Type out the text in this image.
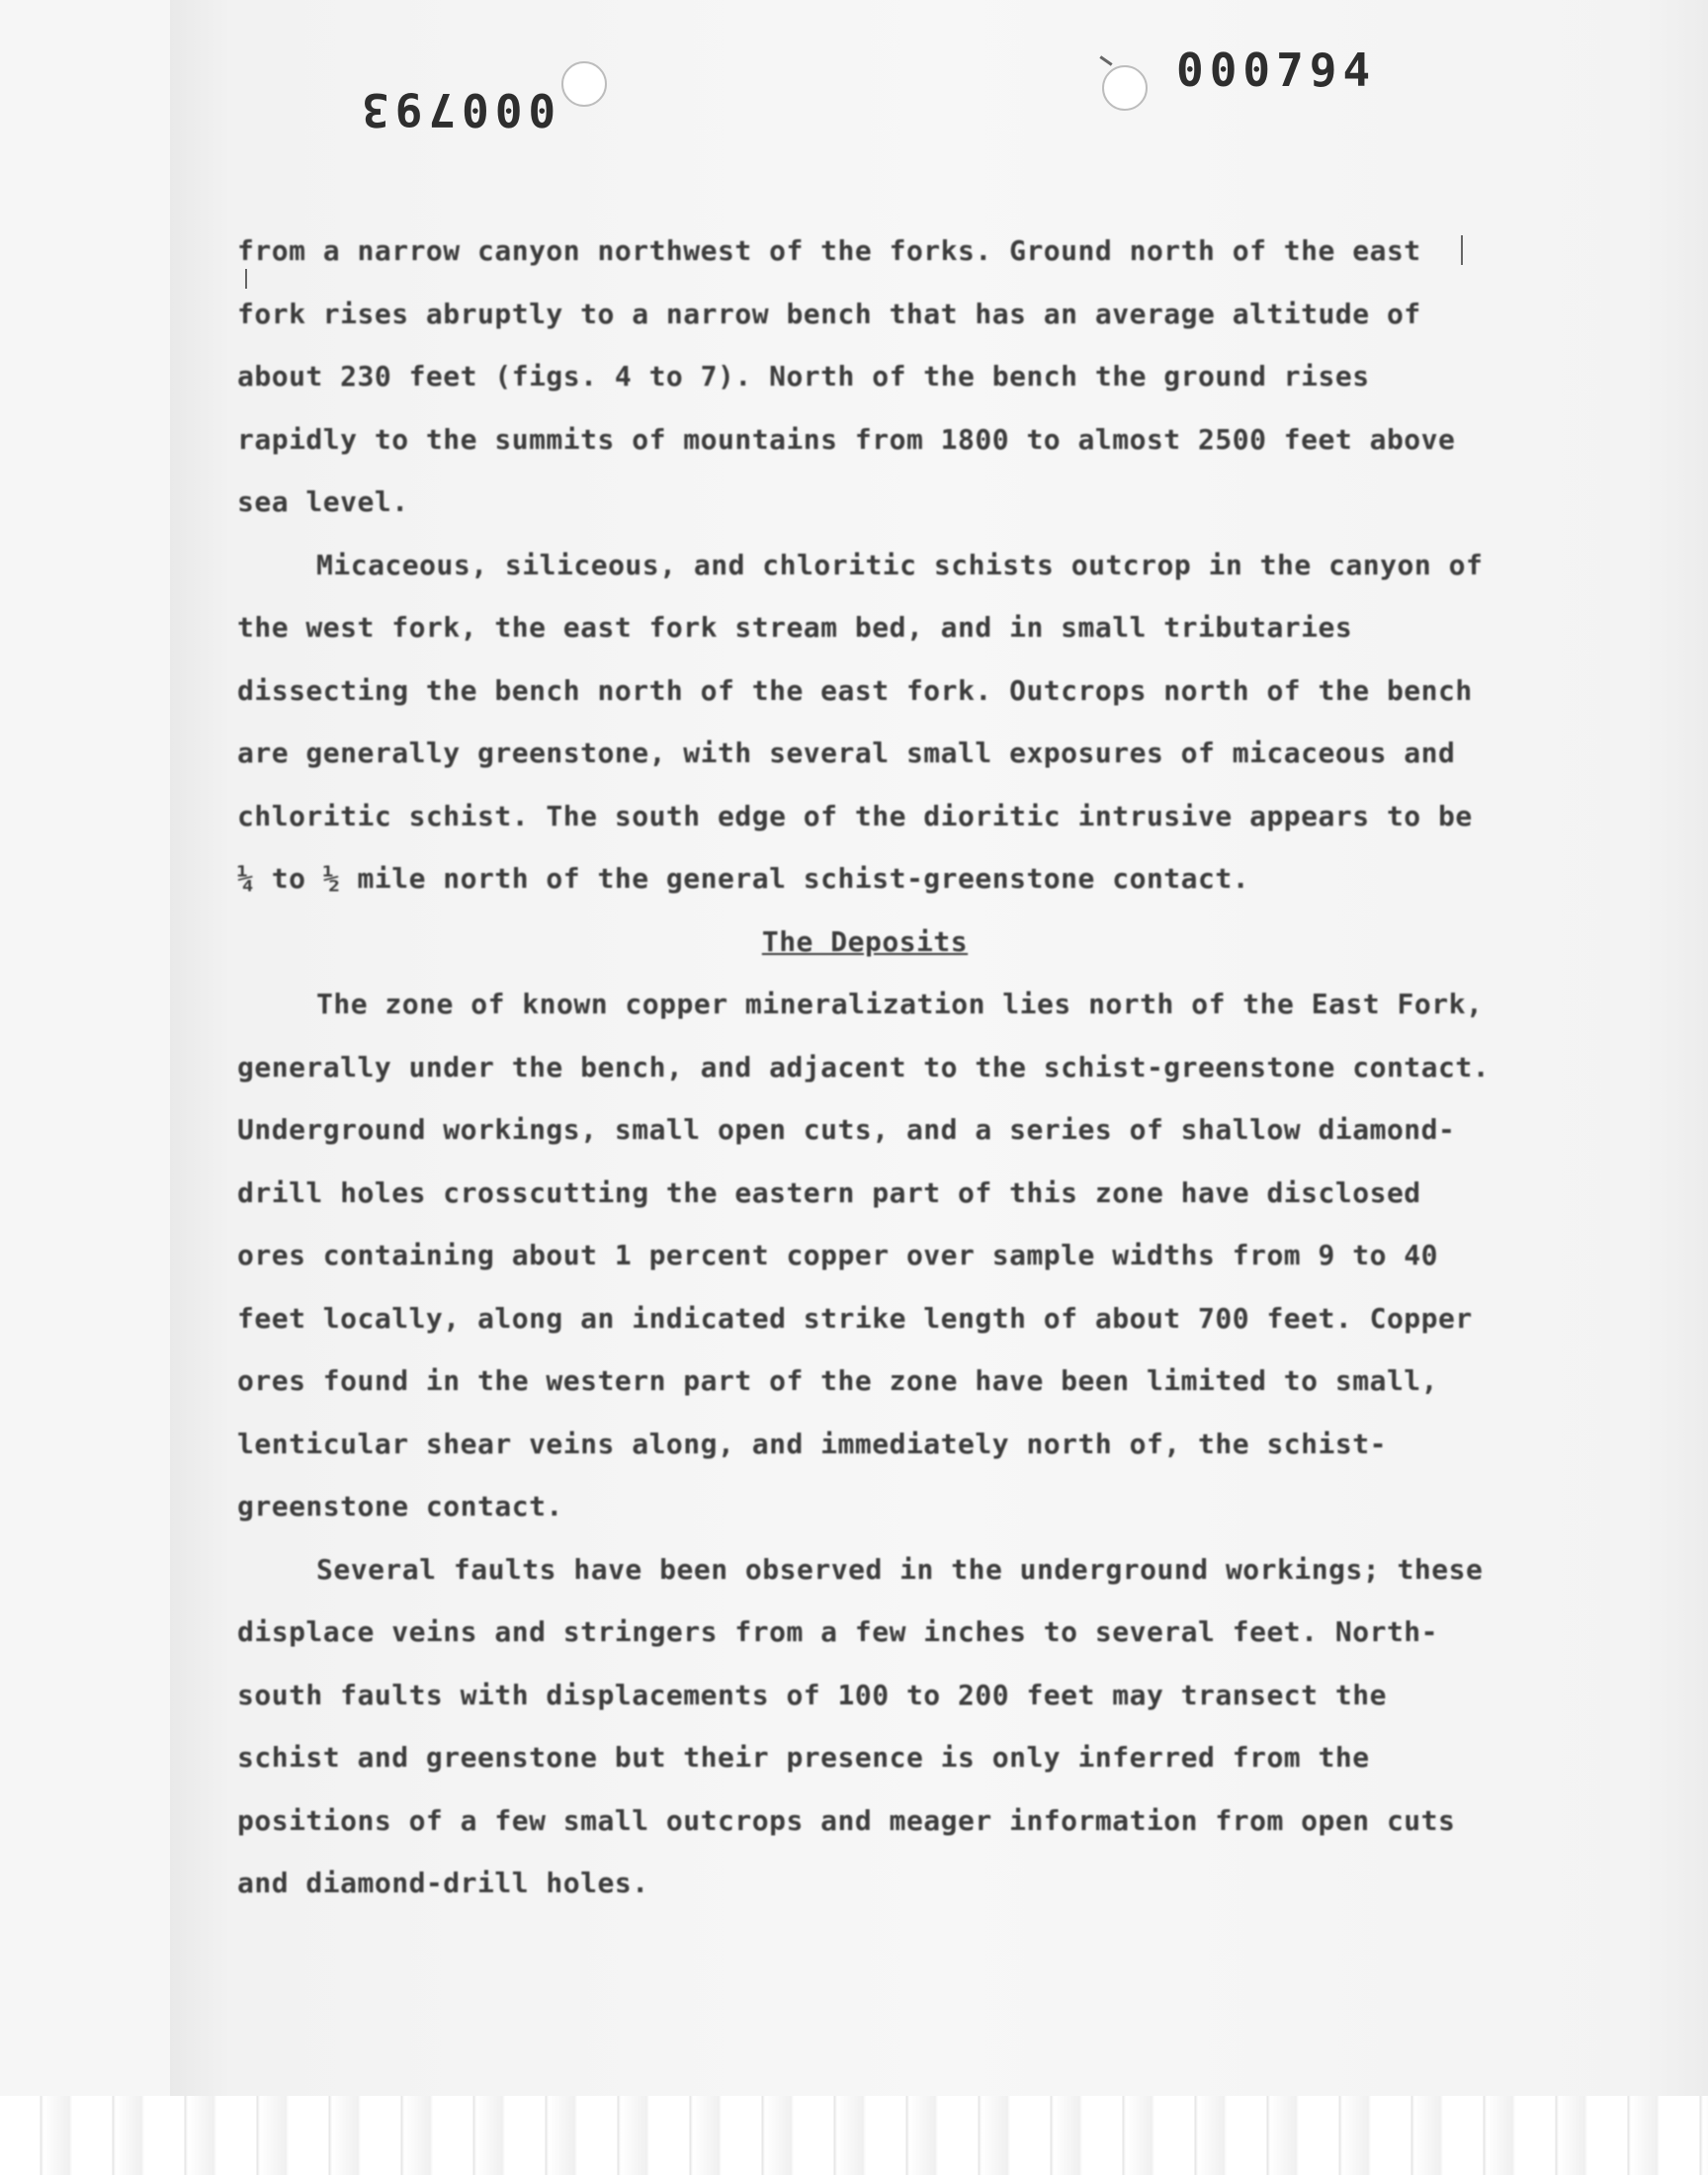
000794
000793

from a narrow canyon northwest of the forks. Ground north of the east fork rises abruptly to a narrow bench that has an average altitude of about 230 feet (figs. 4 to 7). North of the bench the ground rises rapidly to the summits of mountains from 1800 to almost 2500 feet above sea level.

Micaceous, siliceous, and chloritic schists outcrop in the canyon of the west fork, the east fork stream bed, and in small tributaries dissecting the bench north of the east fork. Outcrops north of the bench are generally greenstone, with several small exposures of micaceous and chloritic schist. The south edge of the dioritic intrusive appears to be ¼ to ½ mile north of the general schist-greenstone contact.

The Deposits

The zone of known copper mineralization lies north of the East Fork, generally under the bench, and adjacent to the schist-greenstone contact. Underground workings, small open cuts, and a series of shallow diamond-drill holes crosscutting the eastern part of this zone have disclosed ores containing about 1 percent copper over sample widths from 9 to 40 feet locally, along an indicated strike length of about 700 feet. Copper ores found in the western part of the zone have been limited to small, lenticular shear veins along, and immediately north of, the schist-greenstone contact.

Several faults have been observed in the underground workings; these displace veins and stringers from a few inches to several feet. North-south faults with displacements of 100 to 200 feet may transect the schist and greenstone but their presence is only inferred from the positions of a few small outcrops and meager information from open cuts and diamond-drill holes.
